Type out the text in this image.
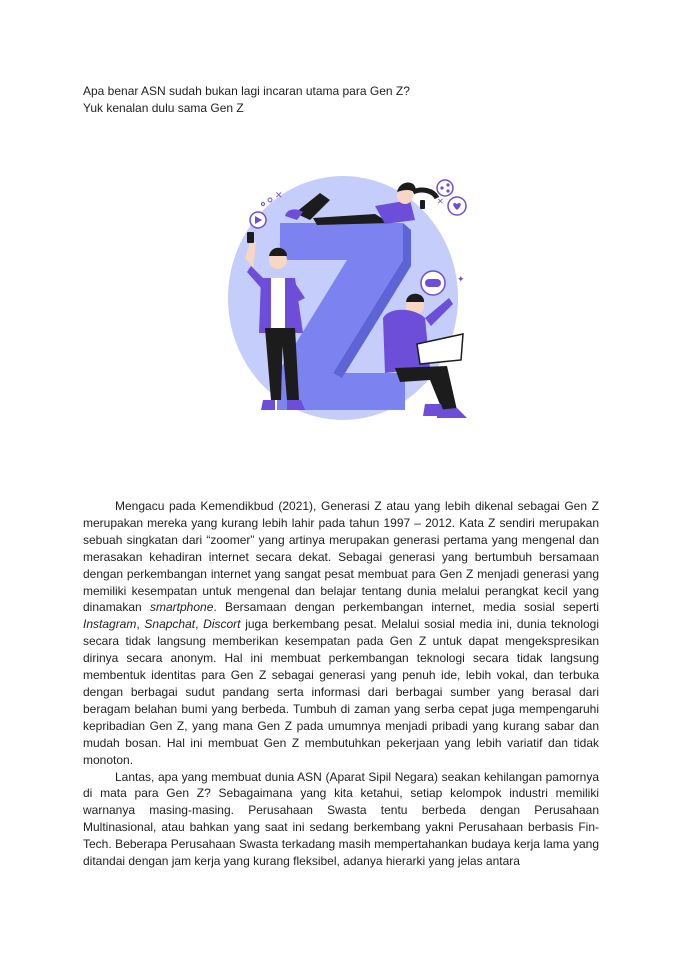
Apa benar ASN sudah bukan lagi incaran utama para Gen Z?

Yuk kenalan dulu sama Gen Z

✕
✦
✕

Mengacu pada Kemendikbud (2021), Generasi Z atau yang lebih dikenal sebagai Gen Z merupakan mereka yang kurang lebih lahir pada tahun 1997 – 2012. Kata Z sendiri merupakan sebuah singkatan dari “zoomer” yang artinya merupakan generasi pertama yang mengenal dan merasakan kehadiran internet secara dekat. Sebagai generasi yang bertumbuh bersamaan dengan perkembangan internet yang sangat pesat membuat para Gen Z menjadi generasi yang memiliki kesempatan untuk mengenal dan belajar tentang dunia melalui perangkat kecil yang dinamakan smartphone. Bersamaan dengan perkembangan internet, media sosial seperti Instagram, Snapchat, Discort juga berkembang pesat. Melalui sosial media ini, dunia teknologi secara tidak langsung memberikan kesempatan pada Gen Z untuk dapat mengekspresikan dirinya secara anonym. Hal ini membuat perkembangan teknologi secara tidak langsung membentuk identitas para Gen Z sebagai generasi yang penuh ide, lebih vokal, dan terbuka dengan berbagai sudut pandang serta informasi dari berbagai sumber yang berasal dari beragam belahan bumi yang berbeda. Tumbuh di zaman yang serba cepat juga mempengaruhi kepribadian Gen Z, yang mana Gen Z pada umumnya menjadi pribadi yang kurang sabar dan mudah bosan. Hal ini membuat Gen Z membutuhkan pekerjaan yang lebih variatif dan tidak monoton.

Lantas, apa yang membuat dunia ASN (Aparat Sipil Negara) seakan kehilangan pamornya di mata para Gen Z? Sebagaimana yang kita ketahui, setiap kelompok industri memiliki warnanya masing-masing. Perusahaan Swasta tentu berbeda dengan Perusahaan Multinasional, atau bahkan yang saat ini sedang berkembang yakni Perusahaan berbasis Fin-Tech. Beberapa Perusahaan Swasta terkadang masih mempertahankan budaya kerja lama yang ditandai dengan jam kerja yang kurang fleksibel, adanya hierarki yang jelas antara
